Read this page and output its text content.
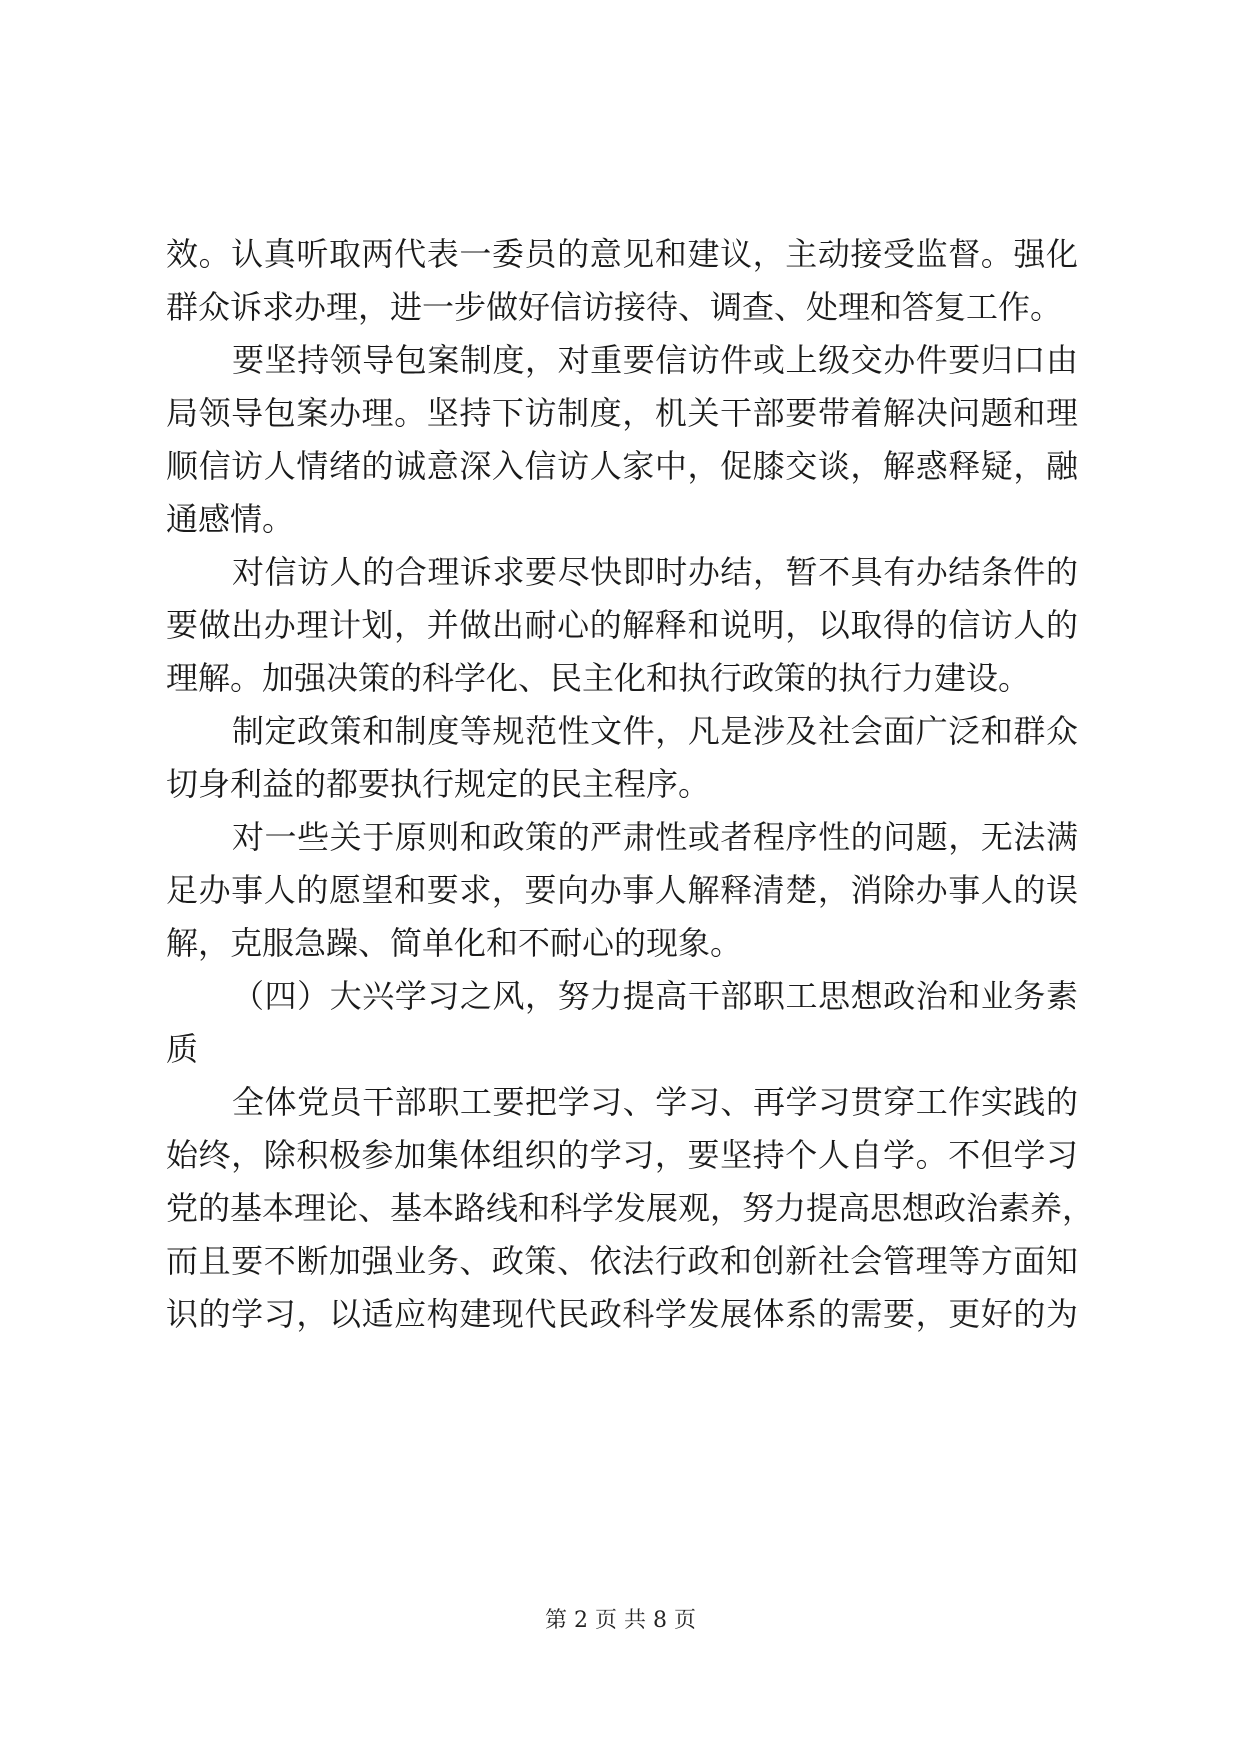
效。认真听取两代表一委员的意见和建议，主动接受监督。强化
群众诉求办理，进一步做好信访接待、调查、处理和答复工作。
要坚持领导包案制度，对重要信访件或上级交办件要归口由
局领导包案办理。坚持下访制度，机关干部要带着解决问题和理
顺信访人情绪的诚意深入信访人家中，促膝交谈，解惑释疑，融
通感情。
对信访人的合理诉求要尽快即时办结，暂不具有办结条件的
要做出办理计划，并做出耐心的解释和说明，以取得的信访人的
理解。加强决策的科学化、民主化和执行政策的执行力建设。
制定政策和制度等规范性文件，凡是涉及社会面广泛和群众
切身利益的都要执行规定的民主程序。
对一些关于原则和政策的严肃性或者程序性的问题，无法满
足办事人的愿望和要求，要向办事人解释清楚，消除办事人的误
解，克服急躁、简单化和不耐心的现象。
（四）大兴学习之风，努力提高干部职工思想政治和业务素
质
全体党员干部职工要把学习、学习、再学习贯穿工作实践的
始终，除积极参加集体组织的学习，要坚持个人自学。不但学习
党的基本理论、基本路线和科学发展观，努力提高思想政治素养，
而且要不断加强业务、政策、依法行政和创新社会管理等方面知
识的学习，以适应构建现代民政科学发展体系的需要，更好的为
第 2 页 共 8 页
